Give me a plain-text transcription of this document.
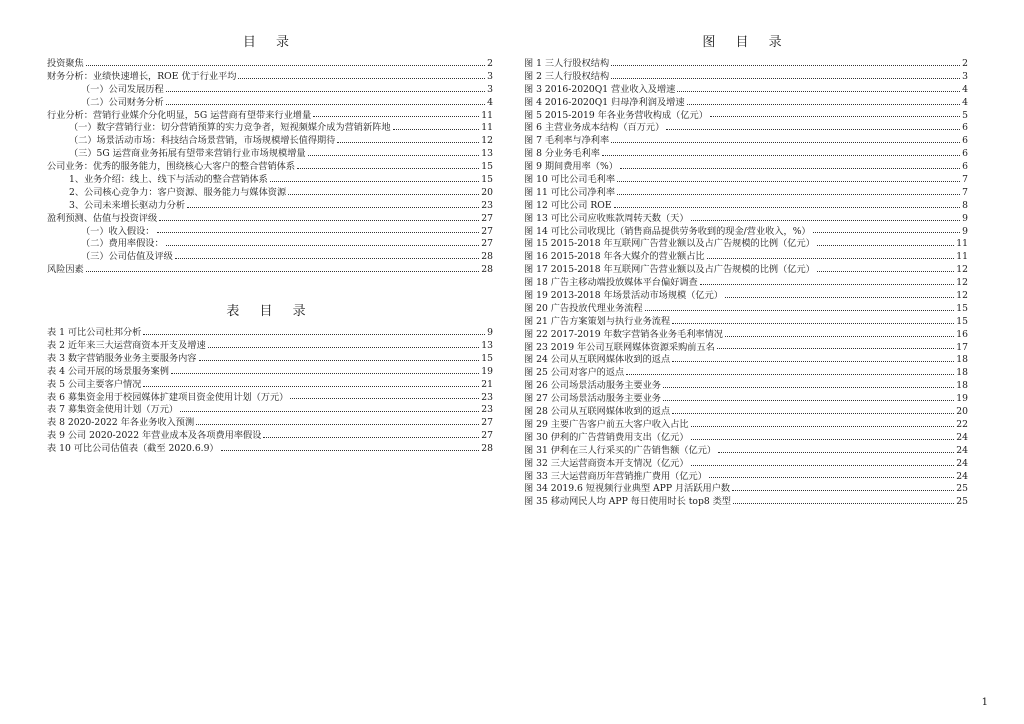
目 录
投资聚焦	2
财务分析：业绩快速增长，ROE 优于行业平均	3
（一）公司发展历程	3
（二）公司财务分析	4
行业分析：营销行业媒介分化明显，5G 运营商有望带来行业增量	11
（一）数字营销行业：切分营销预算的实力竞争者，短视频媒介成为营销新阵地	11
（二）场景活动市场：科技结合场景营销，市场规模增长值得期待	12
（三）5G 运营商业务拓展有望带来营销行业市场规模增量	13
公司业务：优秀的服务能力，围绕核心大客户的整合营销体系	15
1、业务介绍：线上、线下与活动的整合营销体系	15
2、公司核心竞争力：客户资源、服务能力与媒体资源	20
3、公司未来增长驱动力分析	23
盈利预测、估值与投资评级	27
（一）收入假设：	27
（二）费用率假设：	27
（三）公司估值及评级	28
风险因素	28
表 目 录
表 1 可比公司杜邦分析	9
表 2 近年来三大运营商资本开支及增速	13
表 3 数字营销服务业务主要服务内容	15
表 4 公司开展的场景服务案例	19
表 5 公司主要客户情况	21
表 6 募集资金用于校园媒体扩建项目资金使用计划（万元）	23
表 7 募集资金使用计划（万元）	23
表 8 2020-2022 年各业务收入预测	27
表 9 公司 2020-2022 年营业成本及各项费用率假设	27
表 10 可比公司估值表（截至 2020.6.9）	28
图 目 录
图 1 三人行股权结构	2
图 2 三人行股权结构	3
图 3 2016-2020Q1 营业收入及增速	4
图 4 2016-2020Q1 归母净利润及增速	4
图 5 2015-2019 年各业务营收构成（亿元）	5
图 6 主营业务成本结构（百万元）	6
图 7 毛利率与净利率	6
图 8 分业务毛利率	6
图 9 期间费用率（%）	6
图 10 可比公司毛利率	7
图 11 可比公司净利率	7
图 12 可比公司 ROE	8
图 13 可比公司应收账款周转天数（天）	9
图 14 可比公司收现比（销售商品提供劳务收到的现金/营业收入，%）	9
图 15 2015-2018 年互联网广告营业额以及占广告规模的比例（亿元）	11
图 16 2015-2018 年各大媒介的营业额占比	11
图 17 2015-2018 年互联网广告营业额以及占广告规模的比例（亿元）	12
图 18 广告主移动端投放媒体平台偏好调查	12
图 19 2013-2018 年场景活动市场规模（亿元）	12
图 20 广告投放代理业务流程	15
图 21 广告方案策划与执行业务流程	15
图 22 2017-2019 年数字营销各业务毛利率情况	16
图 23 2019 年公司互联网媒体资源采购前五名	17
图 24 公司从互联网媒体收到的返点	18
图 25 公司对客户的返点	18
图 26 公司场景活动服务主要业务	18
图 27 公司场景活动服务主要业务	19
图 28 公司从互联网媒体收到的返点	20
图 29 主要广告客户前五大客户收入占比	22
图 30 伊利的广告营销费用支出（亿元）	24
图 31 伊利在三人行采买的广告销售额（亿元）	24
图 32 三大运营商资本开支情况（亿元）	24
图 33 三大运营商历年营销推广费用（亿元）	24
图 34 2019.6 短视频行业典型 APP 月活跃用户数	25
图 35 移动网民人均 APP 每日使用时长 top8 类型	25
1
